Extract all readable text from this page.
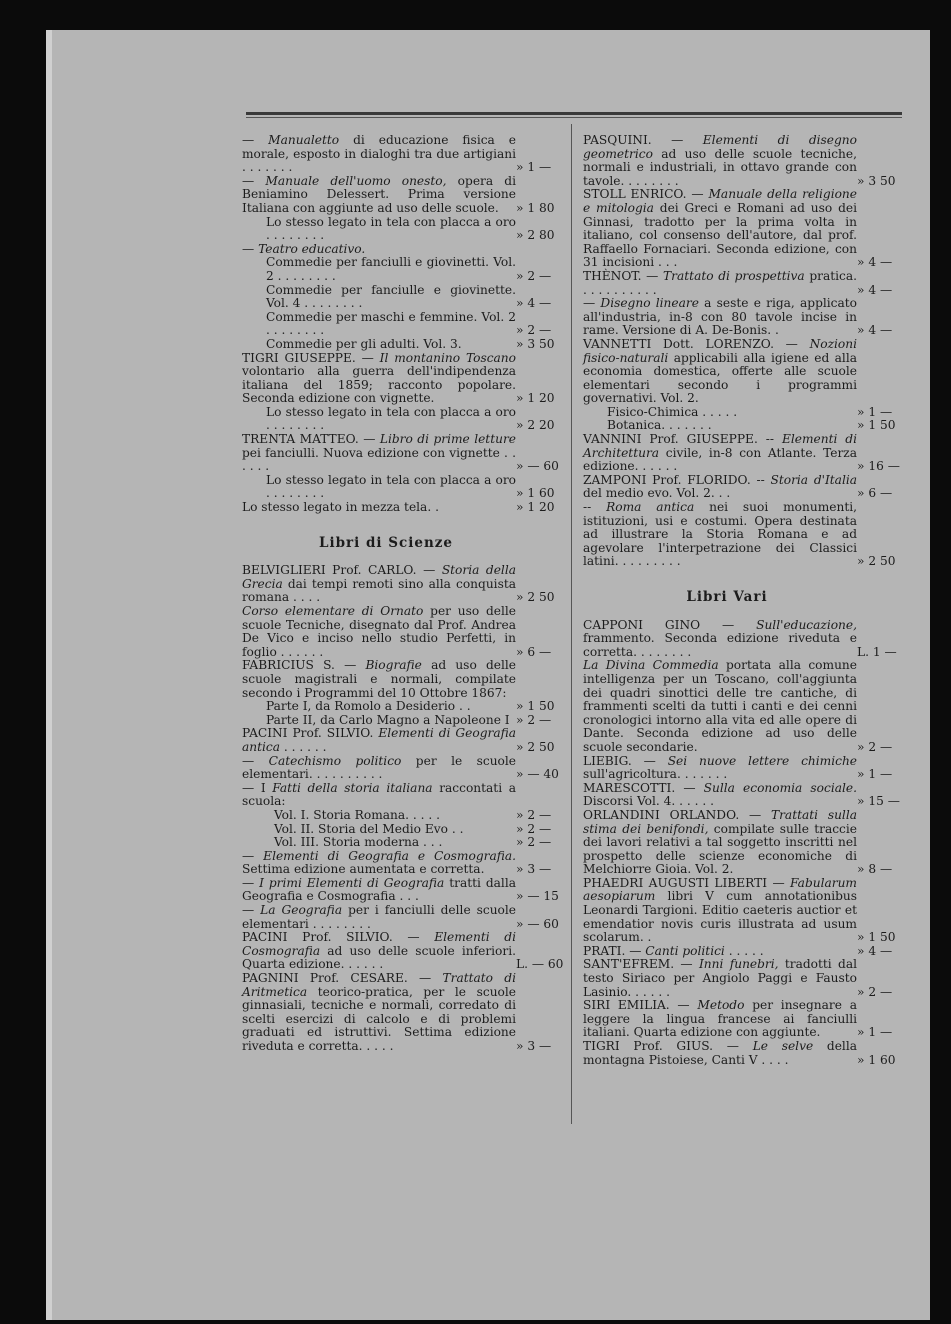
— Manualetto di educazione fisica e morale, esposto in dialoghi tra due artigiani . . . . . . .	» 1 —
— Manuale dell'uomo onesto, opera di Beniamino Delessert. Prima versione Italiana con aggiunte ad uso delle scuole. » 1 80
Lo stesso legato in tela con placca a oro . . . . . . . .	» 2 80
— Teatro educativo.
Commedie per fanciulli e giovinetti. Vol. 2 . . . . . . . .	» 2 —
Commedie per fanciulle e giovinette. Vol. 4 . . . . . . . .	» 4 —
Commedie per maschi e femmine. Vol. 2 . . . . . . . .	» 2 —
Commedie per gli adulti. Vol. 3.	» 3 50
TIGRI GIUSEPPE. — Il montanino Toscano volontario alla guerra dell'indipendenza italiana del 1859; racconto popolare. Seconda edizione con vignette.	» 1 20
Lo stesso legato in tela con placca a oro . . . . . . . .	» 2 20
TRENTA MATTEO. — Libro di prime letture pei fanciulli. Nuova edizione con vignette . . . . . .	» — 60
Lo stesso legato in tela con placca a oro . . . . . . . .	» 1 60
Lo stesso legato in mezza tela. .	» 1 20
Libri di Scienze
BELVIGLIERI Prof. CARLO. — Storia della Grecia dai tempi remoti sino alla conquista romana . . . .	» 2 50
Corso elementare di Ornato per uso delle scuole Tecniche, disegnato dal Prof. Andrea De Vico e inciso nello studio Perfetti, in foglio . . . . . .	» 6 —
FABRICIUS S. — Biografie ad uso delle scuole magistrali e normali, compilate secondo i Programmi del 10 Ottobre 1867:
Parte I, da Romolo a Desiderio . .	» 1 50
Parte II, da Carlo Magno a Napoleone I » 2 —
PACINI Prof. SILVIO. Elementi di Geografia antica . . . . . .	» 2 50
— Catechismo politico per le scuole elementari. . . . . . . . . .	» — 40
— I Fatti della storia italiana raccontati a scuola:
Vol. I. Storia Romana. . . . .	» 2 —
Vol. II. Storia del Medio Evo . .	» 2 —
Vol. III. Storia moderna . . .	» 2 —
— Elementi di Geografia e Cosmografia. Settima edizione aumentata e corretta.	» 3 —
— I primi Elementi di Geografia tratti dalla Geografia e Cosmografia . . .	» — 15
— La Geografia per i fanciulli delle scuole elementari . . . . . . . .	» — 60
PACINI Prof. SILVIO. — Elementi di Cosmografia ad uso delle scuole inferiori. Quarta edizione. . . . . .	L. — 60
PAGNINI Prof. CESARE. — Trattato di Aritmetica teorico-pratica, per le scuole ginnasiali, tecniche e normali, corredato di scelti esercizi di calcolo e di problemi graduati ed istruttivi. Settima edizione riveduta e corretta. . . . .	» 3 —
PASQUINI. — Elementi di disegno geometrico ad uso delle scuole tecniche, normali e industriali, in ottavo grande con tavole. . . . . . . .	» 3 50
STOLL ENRICO. — Manuale della religione e mitologia dei Greci e Romani ad uso dei Ginnasi, tradotto per la prima volta in italiano, col consenso dell'autore, dal prof. Raffaello Fornaciari. Seconda edizione, con 31 incisioni . . .	» 4 —
THÈNOT. — Trattato di prospettiva pratica. . . . . . . . . . .	» 4 —
— Disegno lineare a seste e riga, applicato all'industria, in-8 con 80 tavole incise in rame. Versione di A. De-Bonis. .	» 4 —
VANNETTI Dott. LORENZO. — Nozioni fisico-naturali applicabili alla igiene ed alla economia domestica, offerte alle scuole elementari secondo i programmi governativi. Vol. 2.
Fisico-Chimica . . . . .	» 1 —
Botanica. . . . . . .	» 1 50
VANNINI Prof. GIUSEPPE. -- Elementi di Architettura civile, in-8 con Atlante. Terza edizione. . . . . .	» 16 —
ZAMPONI Prof. FLORIDO. -- Storia d'Italia del medio evo. Vol. 2. . .	» 6 —
-- Roma antica nei suoi monumenti, istituzioni, usi e costumi. Opera destinata ad illustrare la Storia Romana e ad agevolare l'interpetrazione dei Classici latini. . . . . . . . .	» 2 50
Libri Vari
CAPPONI GINO — Sull'educazione, frammento. Seconda edizione riveduta e corretta. . . . . . . .	L. 1 —
La Divina Commedia portata alla comune intelligenza per un Toscano, coll'aggiunta dei quadri sinottici delle tre cantiche, di frammenti scelti da tutti i canti e dei cenni cronologici intorno alla vita ed alle opere di Dante. Seconda edizione ad uso delle scuole secondarie.	» 2 —
LIEBIG. — Sei nuove lettere chimiche sull'agricoltura. . . . . . .	» 1 —
MARESCOTTI. — Sulla economia sociale. Discorsi Vol. 4. . . . . .	» 15 —
ORLANDINI ORLANDO. — Trattati sulla stima dei benifondi, compilate sulle traccie dei lavori relativi a tal soggetto inscritti nel prospetto delle scienze economiche di Melchiorre Gioia. Vol. 2.	» 8 —
PHAEDRI AUGUSTI LIBERTI — Fabularum aesopiarum libri V cum annotationibus Leonardi Targioni. Editio caeteris auctior et emendatior novis curis illustrata ad usum scolarum. .	» 1 50
PRATI. — Canti politici . . . . .	» 4 —
SANT'EFREM. — Inni funebri, tradotti dal testo Siriaco per Angiolo Paggi e Fausto Lasinio. . . . . .	» 2 —
SIRI EMILIA. — Metodo per insegnare a leggere la lingua francese ai fanciulli italiani. Quarta edizione con aggiunte.	» 1 —
TIGRI Prof. GIUS. — Le selve della montagna Pistoiese, Canti V . . . .	» 1 60
